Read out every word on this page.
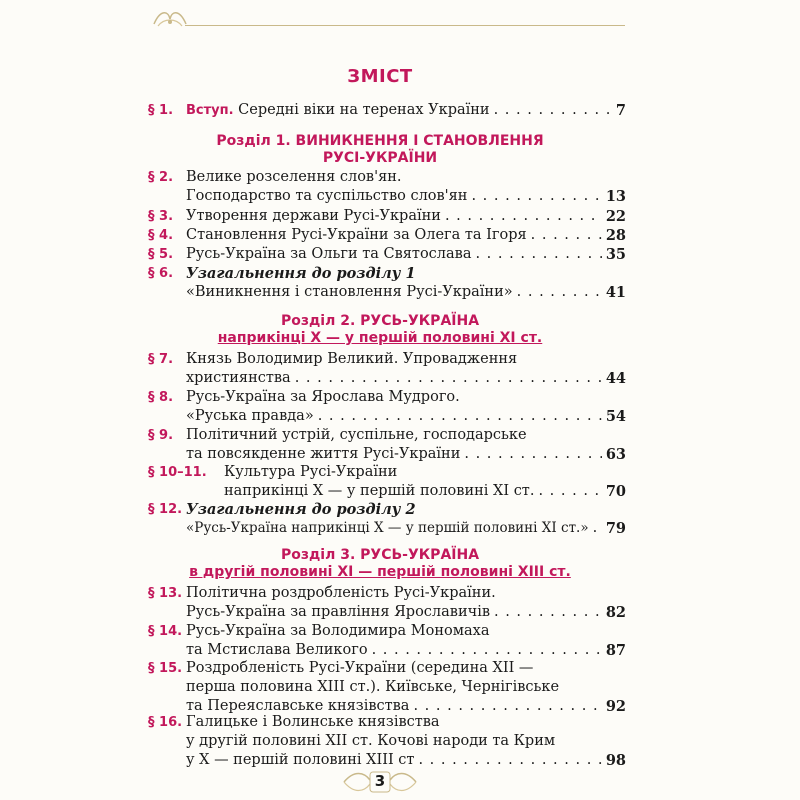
ЗМІСТ
§ 1. Вступ. Середні віки на теренах України . . .	7
Розділ 1. ВИНИКНЕННЯ І СТАНОВЛЕННЯ
РУСІ-УКРАЇНИ
§ 2. Велике розселення слов'ян.
Господарство та суспільство слов'ян . . .	13
§ 3. Утворення держави Русі-України . . .	22
§ 4. Становлення Русі-України за Олега та Ігоря . . .	28
§ 5. Русь-Україна за Ольги та Святослава . . .	35
§ 6. Узагальнення до розділу 1
«Виникнення і становлення Русі-України» . . .	41
Розділ 2. РУСЬ-УКРАЇНА
наприкінці X — у першій половині XI ст.
§ 7. Князь Володимир Великий. Упровадження
християнства . . .	44
§ 8. Русь-Україна за Ярослава Мудрого.
«Руська правда» . . .	54
§ 9. Політичний устрій, суспільне, господарське
та повсякденне життя Русі-України . . .	63
§ 10–11.	Культура Русі-України
наприкінці X — у першій половині XI ст. . . .	70
§ 12. Узагальнення до розділу 2
«Русь-Україна наприкінці X — у першій половині XI ст.» . . . 79
Розділ 3. РУСЬ-УКРАЇНА
в другій половині XI — першій половині XIII ст.
§ 13. Політична роздробленість Русі-України.
Русь-Україна за правління Ярославичів . . .	82
§ 14. Русь-Україна за Володимира Мономаха
та Мстислава Великого . . .	87
§ 15. Роздробленість Русі-України (середина XII —
перша половина XIII ст.). Київське, Чернігівське
та Переяславське князівства . . .	92
§ 16. Галицьке і Волинське князівства
у другій половині XII ст. Кочові народи та Крим
у X — першій половині XIII ст . . .	98
3
